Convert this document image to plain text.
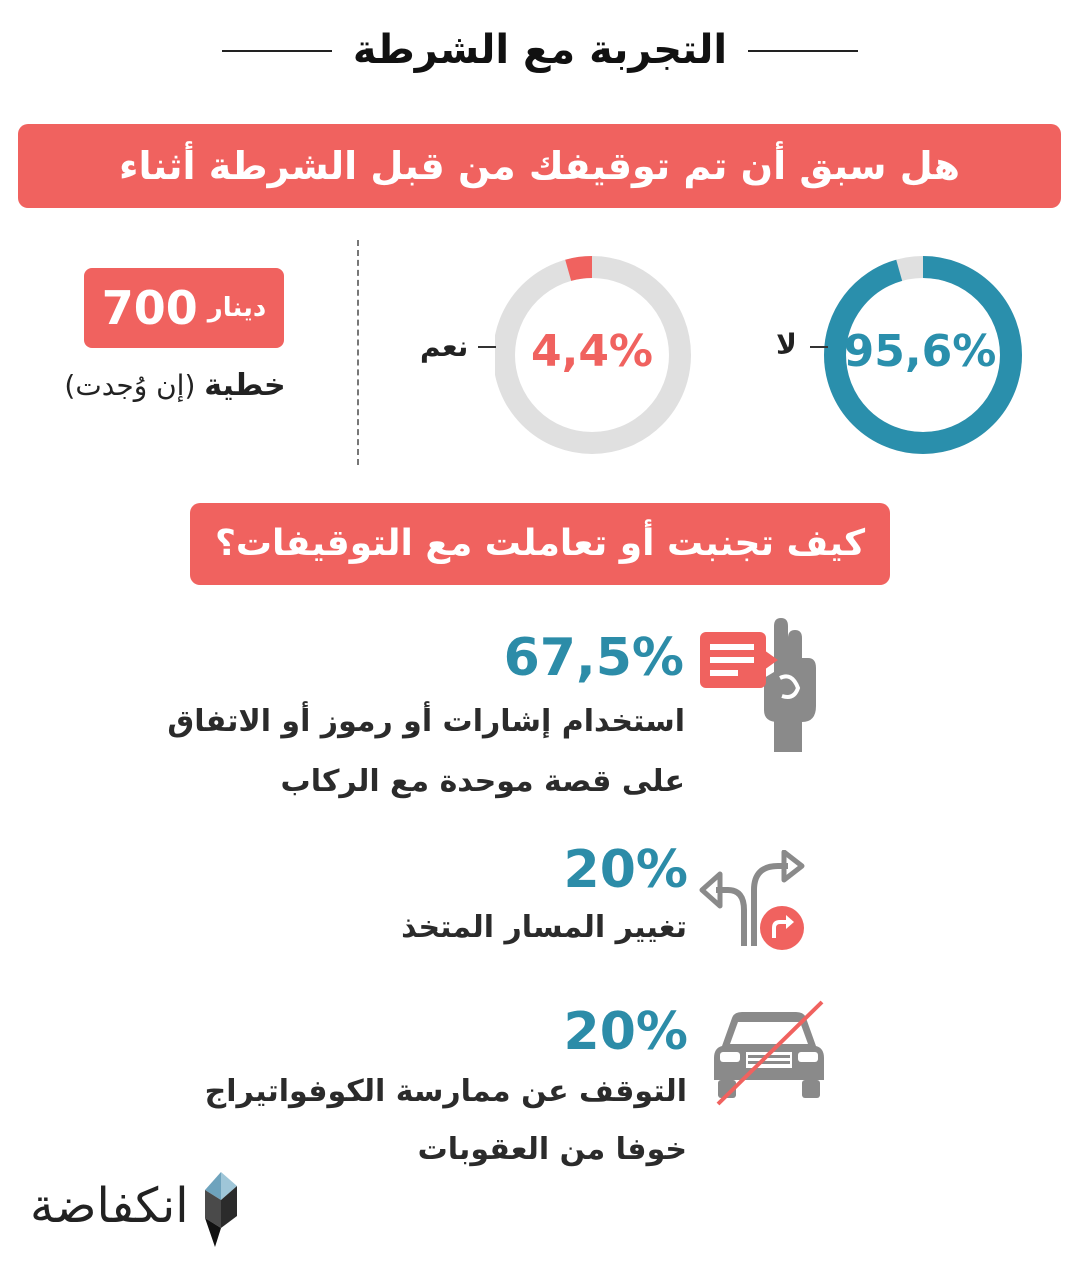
التجربة مع الشرطة
هل سبق أن تم توقيفك من قبل الشرطة أثناء الكوفواتيراج؟
95,6%
لا
4,4%
نعم
دينار
700
خطية (إن وُجدت)
كيف تجنبت أو تعاملت مع التوقيفات؟
67,5%
استخدام إشارات أو رموز أو الاتفاق
على قصة موحدة مع الركاب
20%
تغيير المسار المتخذ
20%
التوقف عن ممارسة الكوفواتيراج
خوفا من العقوبات
انكفاضة
